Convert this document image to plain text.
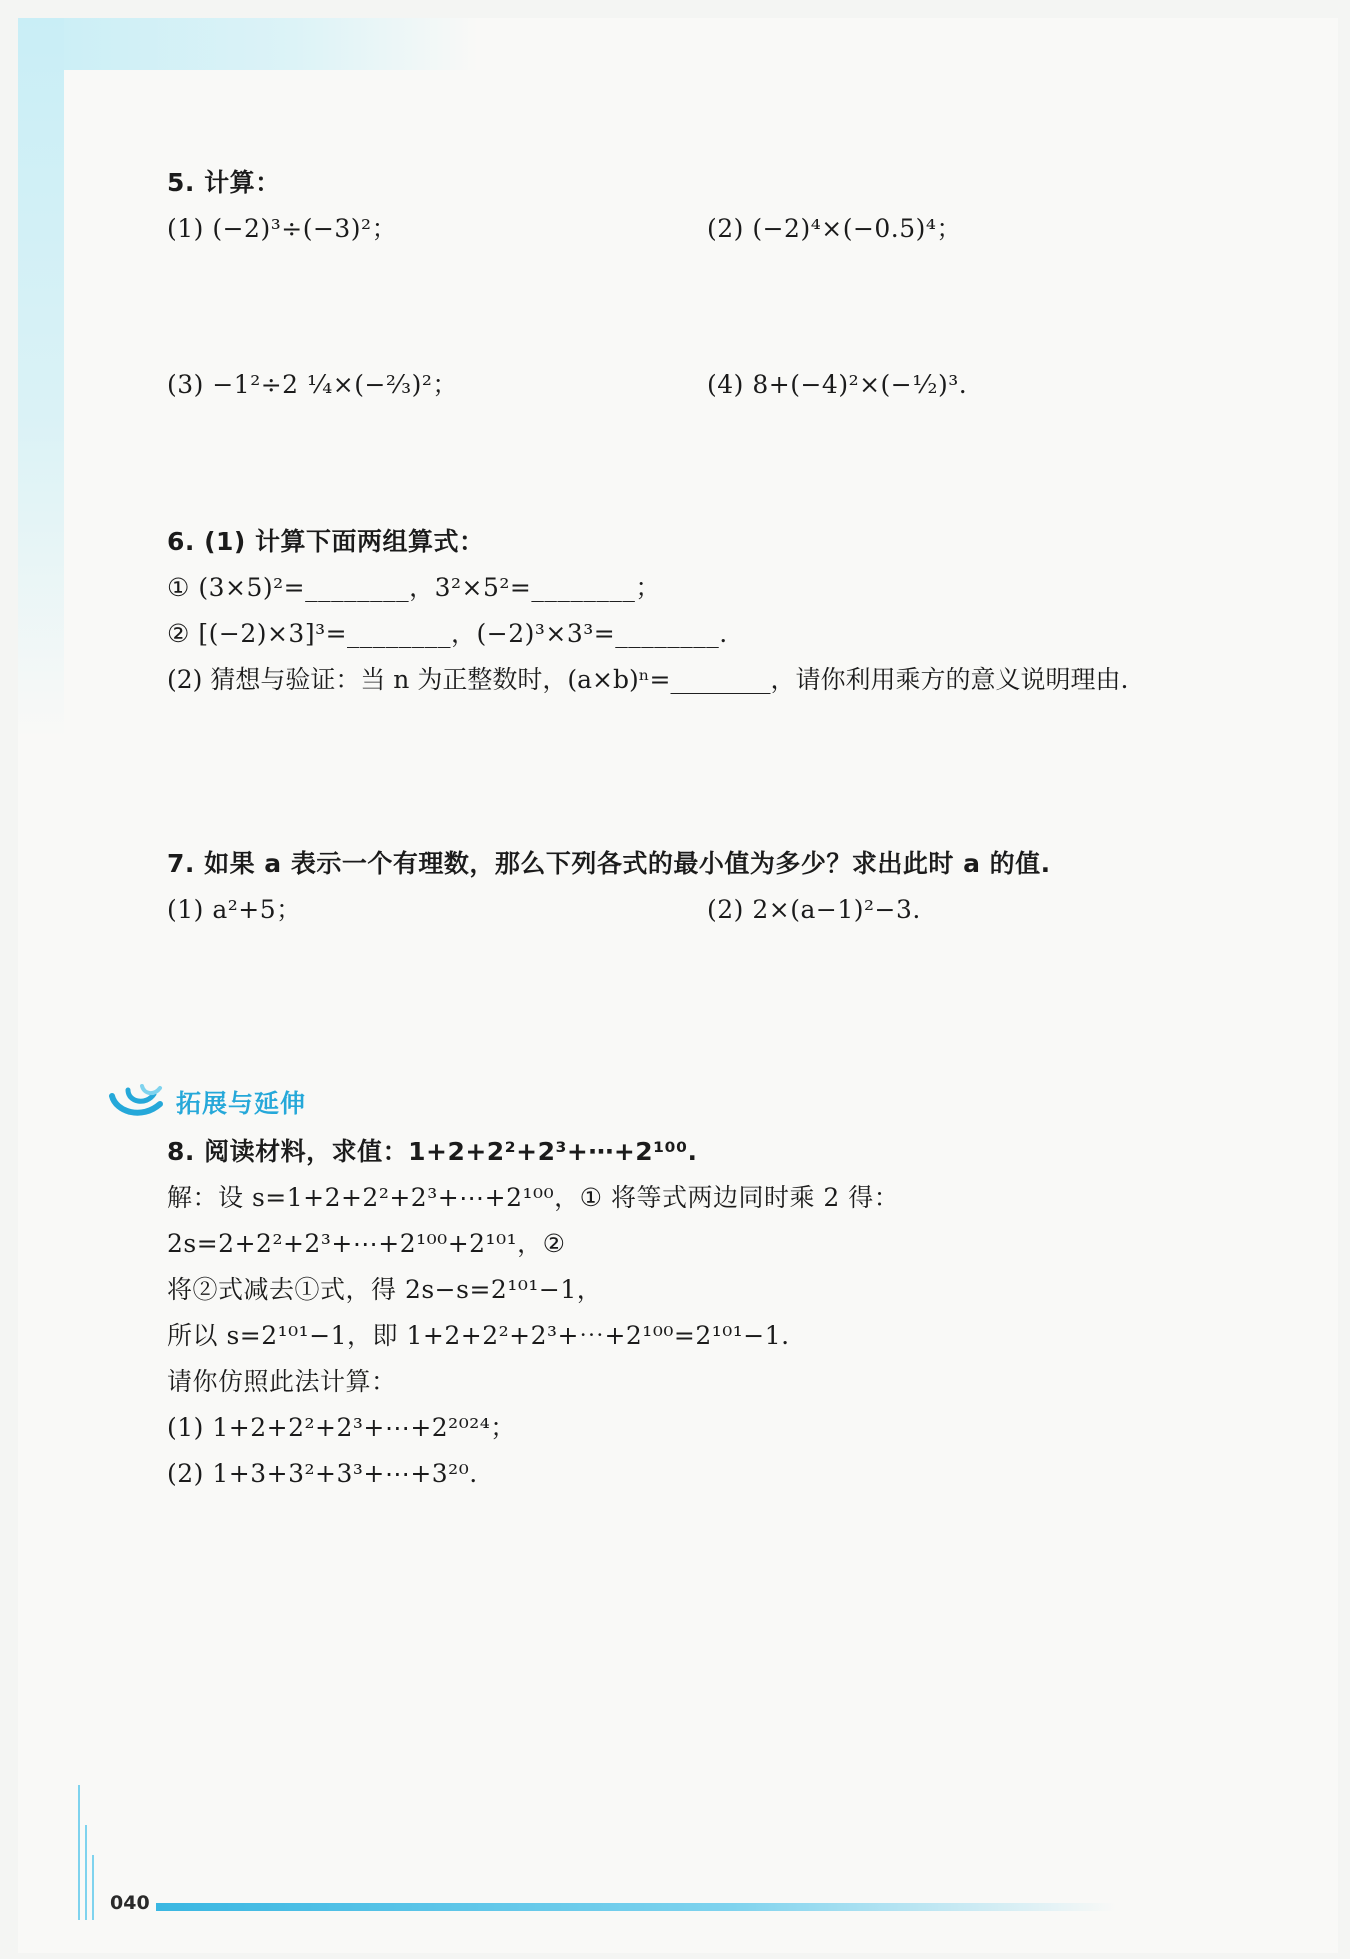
5. 计算：
(1) (−2)³÷(−3)²；	(2) (−2)⁴×(−0.5)⁴；
(3) −1²÷2 ¹⁄₄×(−²⁄₃)²；	(4) 8+(−4)²×(−¹⁄₂)³.
6. (1) 计算下面两组算式：
① (3×5)²=________，3²×5²=________；
② [(−2)×3]³=________，(−2)³×3³=________.
(2) 猜想与验证：当 n 为正整数时，(a×b)ⁿ=________，请你利用乘方的意义说明理由.
7. 如果 a 表示一个有理数，那么下列各式的最小值为多少？求出此时 a 的值.
(1) a²+5；	(2) 2×(a−1)²−3.
拓展与延伸
8. 阅读材料，求值：1+2+2²+2³+⋯+2¹⁰⁰.
解：设 s=1+2+2²+2³+⋯+2¹⁰⁰，① 将等式两边同时乘 2 得：
2s=2+2²+2³+⋯+2¹⁰⁰+2¹⁰¹，②
将②式减去①式，得 2s−s=2¹⁰¹−1，
所以 s=2¹⁰¹−1，即 1+2+2²+2³+⋯+2¹⁰⁰=2¹⁰¹−1.
请你仿照此法计算：
(1) 1+2+2²+2³+⋯+2²⁰²⁴；
(2) 1+3+3²+3³+⋯+3²⁰.
040
